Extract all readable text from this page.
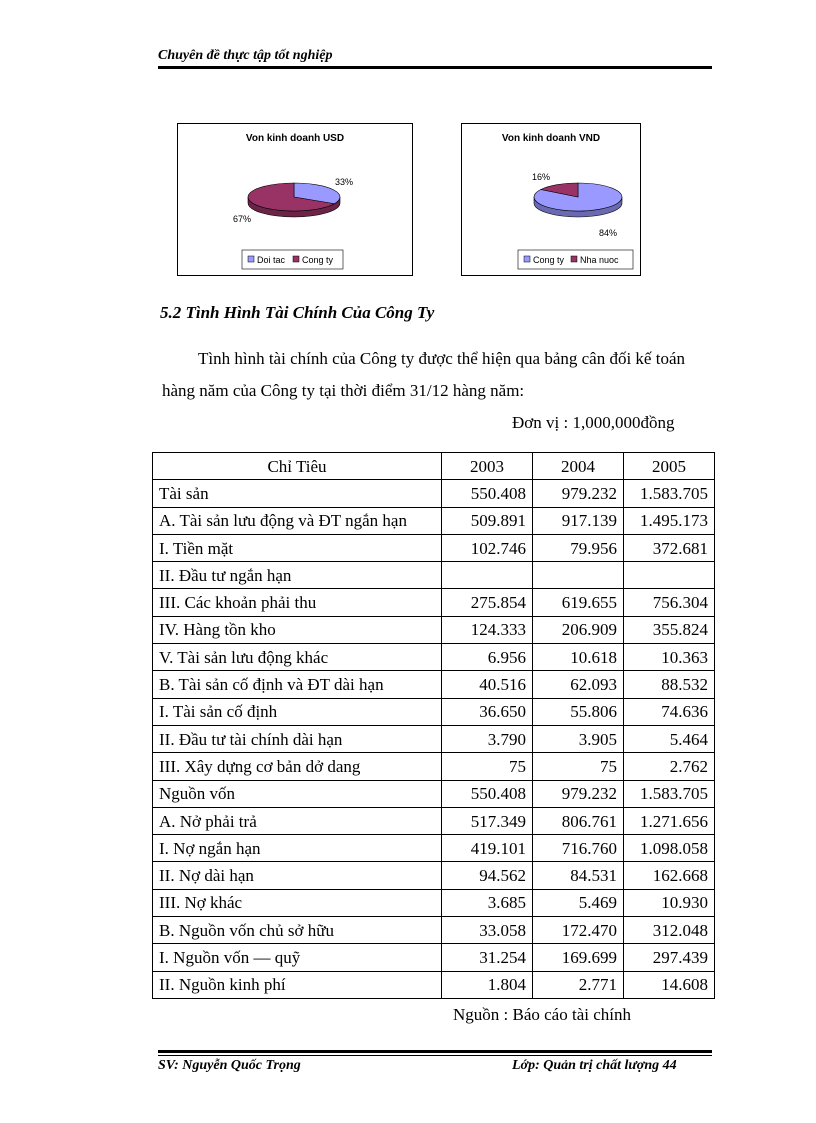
Chuyên đề thực tập tốt nghiệp
Von kinh doanh USD
33%
67%
Doi tac Cong ty
Von kinh doanh VND
16%
84%
Cong ty Nha nuoc
5.2 Tình Hình Tài Chính Của Công Ty
Tình hình tài chính của Công ty được thể hiện qua bảng cân đối kế toán
hàng năm của Công ty tại thời điểm 31/12 hàng năm:
Đơn vị : 1,000,000đồng
Chỉ Tiêu	2003	2004	2005
Tài sản	550.408	979.232	1.583.705
A. Tài sản lưu động và ĐT ngắn hạn	509.891	917.139	1.495.173
I. Tiền mặt	102.746	79.956	372.681
II. Đầu tư ngắn hạn			
III. Các khoản phải thu	275.854	619.655	756.304
IV. Hàng tồn kho	124.333	206.909	355.824
V. Tài sản lưu động khác	6.956	10.618	10.363
B. Tài sản cố định và ĐT dài hạn	40.516	62.093	88.532
I. Tài sản cố định	36.650	55.806	74.636
II. Đầu tư tài chính dài hạn	3.790	3.905	5.464
III. Xây dựng cơ bản dở dang	75	75	2.762
Nguồn vốn	550.408	979.232	1.583.705
A. Nở phải trả	517.349	806.761	1.271.656
I. Nợ ngắn hạn	419.101	716.760	1.098.058
II. Nợ dài hạn	94.562	84.531	162.668
III. Nợ khác	3.685	5.469	10.930
B. Nguồn vốn chủ sở hữu	33.058	172.470	312.048
I. Nguồn vốn — quỹ	31.254	169.699	297.439
II. Nguồn kinh phí	1.804	2.771	14.608
Nguồn : Báo cáo tài chính
SV: Nguyễn Quốc Trọng	Lớp: Quản trị chất lượng 44
